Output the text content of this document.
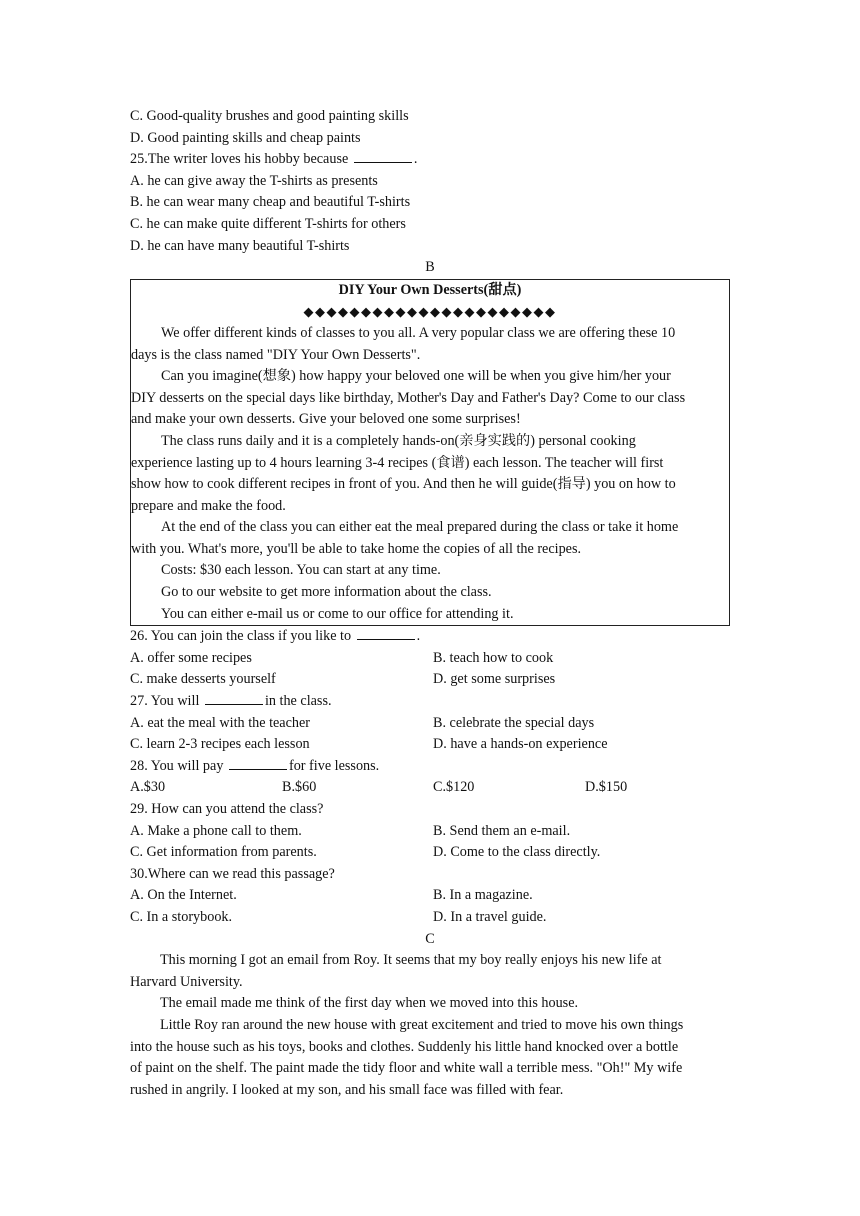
C. Good-quality brushes and good painting skills
D. Good painting skills and cheap paints
25.The writer loves his hobby because	.
A. he can give away the T-shirts as presents
B. he can wear many cheap and beautiful T-shirts
C. he can make quite different T-shirts for others
D. he can have many beautiful T-shirts
B
DIY Your Own Desserts(甜点)
◆◆◆◆◆◆◆◆◆◆◆◆◆◆◆◆◆◆◆◆◆◆
We offer different kinds of classes to you all. A very popular class we are offering these 10
days is the class named "DIY Your Own Desserts".
Can you imagine(想象) how happy your beloved one will be when you give him/her your
DIY desserts on the special days like birthday, Mother's Day and Father's Day? Come to our class
and make your own desserts. Give your beloved one some surprises!
The class runs daily and it is a completely hands-on(亲身实践的) personal cooking
experience lasting up to 4 hours learning 3-4 recipes (食谱) each lesson. The teacher will first
show how to cook different recipes in front of you. And then he will guide(指导) you on how to
prepare and make the food.
At the end of the class you can either eat the meal prepared during the class or take it home
with you. What's more, you'll be able to take home the copies of all the recipes.
Costs: $30 each lesson. You can start at any time.
Go to our website to get more information about the class.
You can either e-mail us or come to our office for attending it.
26. You can join the class if you like to	.
A. offer some recipes	B. teach how to cook
C. make desserts yourself	D. get some surprises
27. You will	in the class.
A. eat the meal with the teacher	B. celebrate the special days
C. learn 2-3 recipes each lesson	D. have a hands-on experience
28. You will pay	for five lessons.
A.$30	B.$60	C.$120	D.$150
29. How can you attend the class?
A. Make a phone call to them.	B. Send them an e-mail.
C. Get information from parents.	D. Come to the class directly.
30.Where can we read this passage?
A. On the Internet.	B. In a magazine.
C. In a storybook.	D. In a travel guide.
C
This morning I got an email from Roy. It seems that my boy really enjoys his new life at
Harvard University.
The email made me think of the first day when we moved into this house.
Little Roy ran around the new house with great excitement and tried to move his own things
into the house such as his toys, books and clothes. Suddenly his little hand knocked over a bottle
of paint on the shelf. The paint made the tidy floor and white wall a terrible mess. "Oh!" My wife
rushed in angrily. I looked at my son, and his small face was filled with fear.
